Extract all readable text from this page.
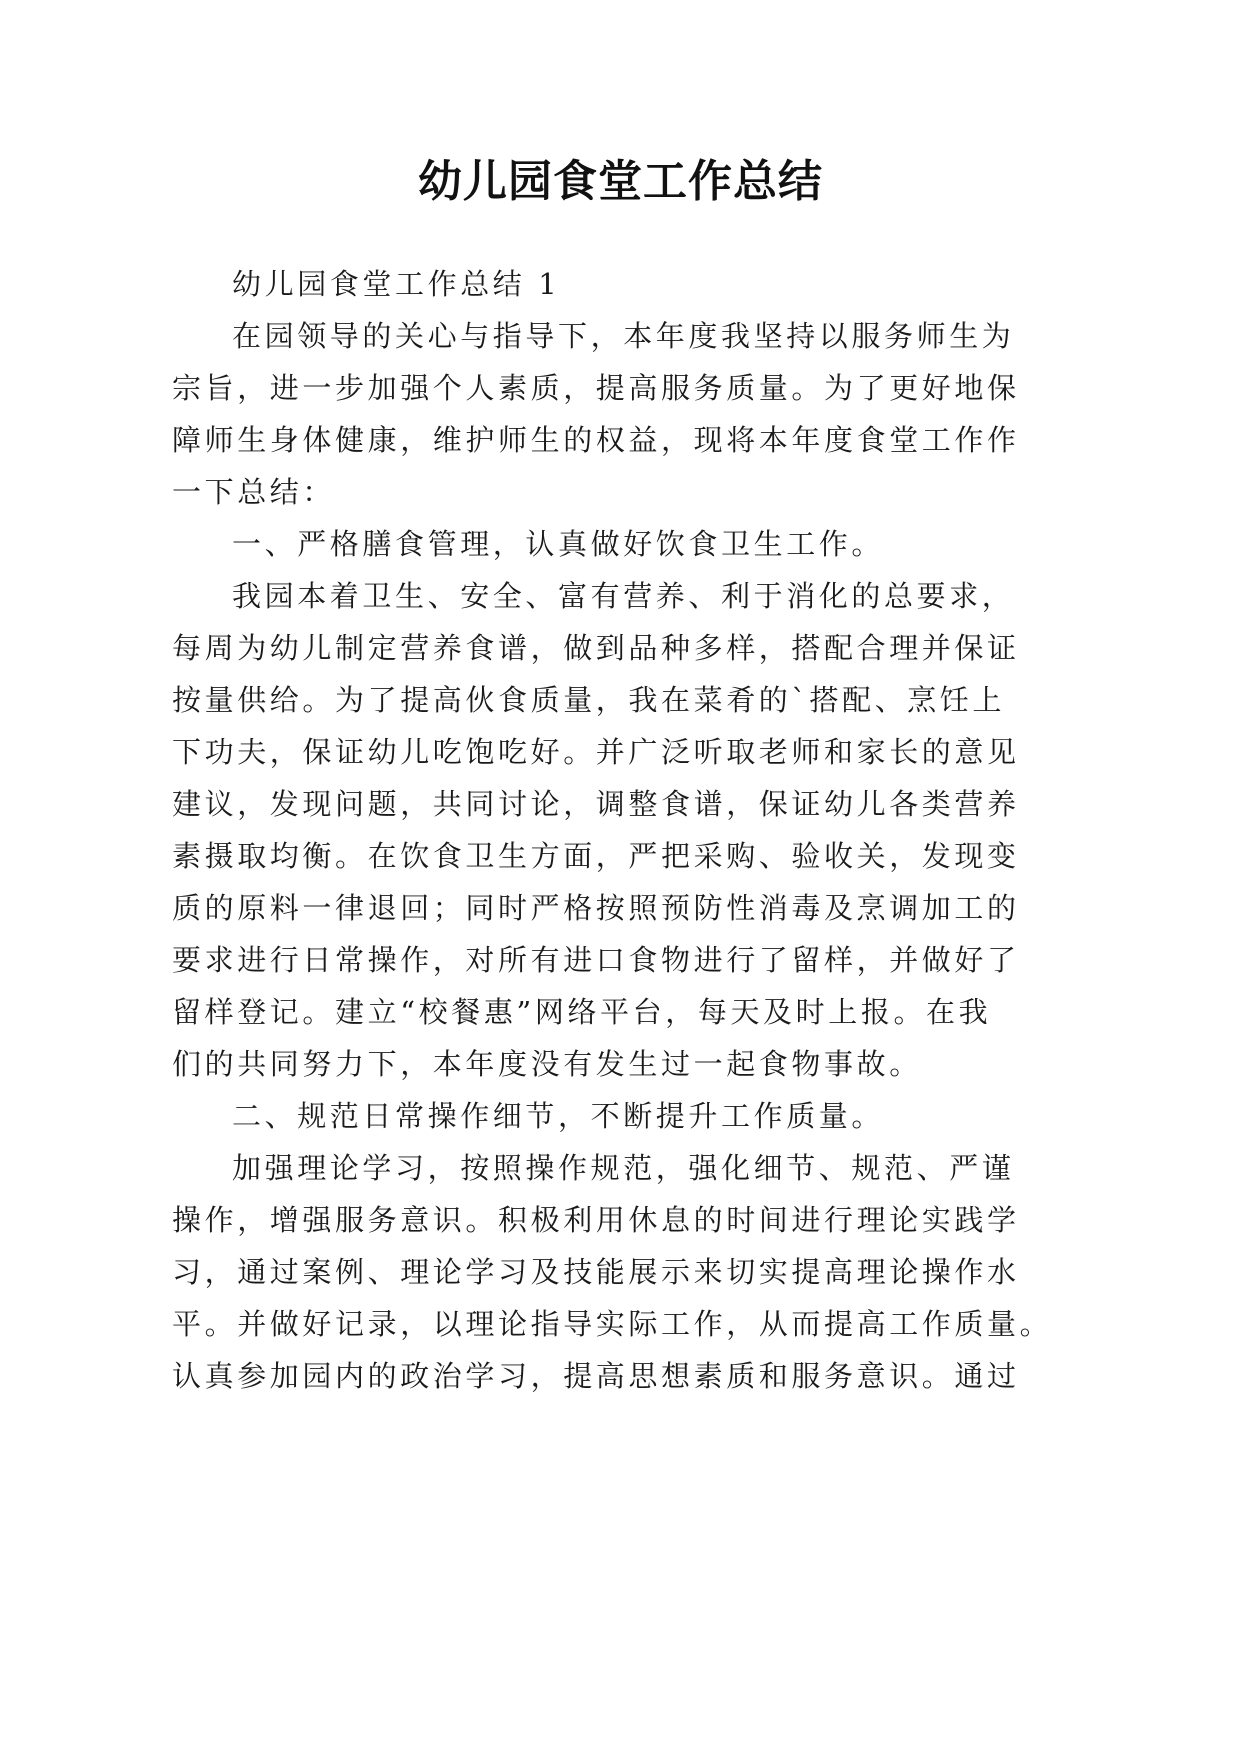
幼儿园食堂工作总结
幼儿园食堂工作总结 1
在园领导的关心与指导下，本年度我坚持以服务师生为
宗旨，进一步加强个人素质，提高服务质量。为了更好地保
障师生身体健康，维护师生的权益，现将本年度食堂工作作
一下总结：
一、严格膳食管理，认真做好饮食卫生工作。
我园本着卫生、安全、富有营养、利于消化的总要求，
每周为幼儿制定营养食谱，做到品种多样，搭配合理并保证
按量供给。为了提高伙食质量，我在菜肴的`搭配、烹饪上
下功夫，保证幼儿吃饱吃好。并广泛听取老师和家长的意见
建议，发现问题，共同讨论，调整食谱，保证幼儿各类营养
素摄取均衡。在饮食卫生方面，严把采购、验收关，发现变
质的原料一律退回；同时严格按照预防性消毒及烹调加工的
要求进行日常操作，对所有进口食物进行了留样，并做好了
留样登记。建立“校餐惠”网络平台，每天及时上报。在我
们的共同努力下，本年度没有发生过一起食物事故。
二、规范日常操作细节，不断提升工作质量。
加强理论学习，按照操作规范，强化细节、规范、严谨
操作，增强服务意识。积极利用休息的时间进行理论实践学
习，通过案例、理论学习及技能展示来切实提高理论操作水
平。并做好记录，以理论指导实际工作，从而提高工作质量。
认真参加园内的政治学习，提高思想素质和服务意识。通过
